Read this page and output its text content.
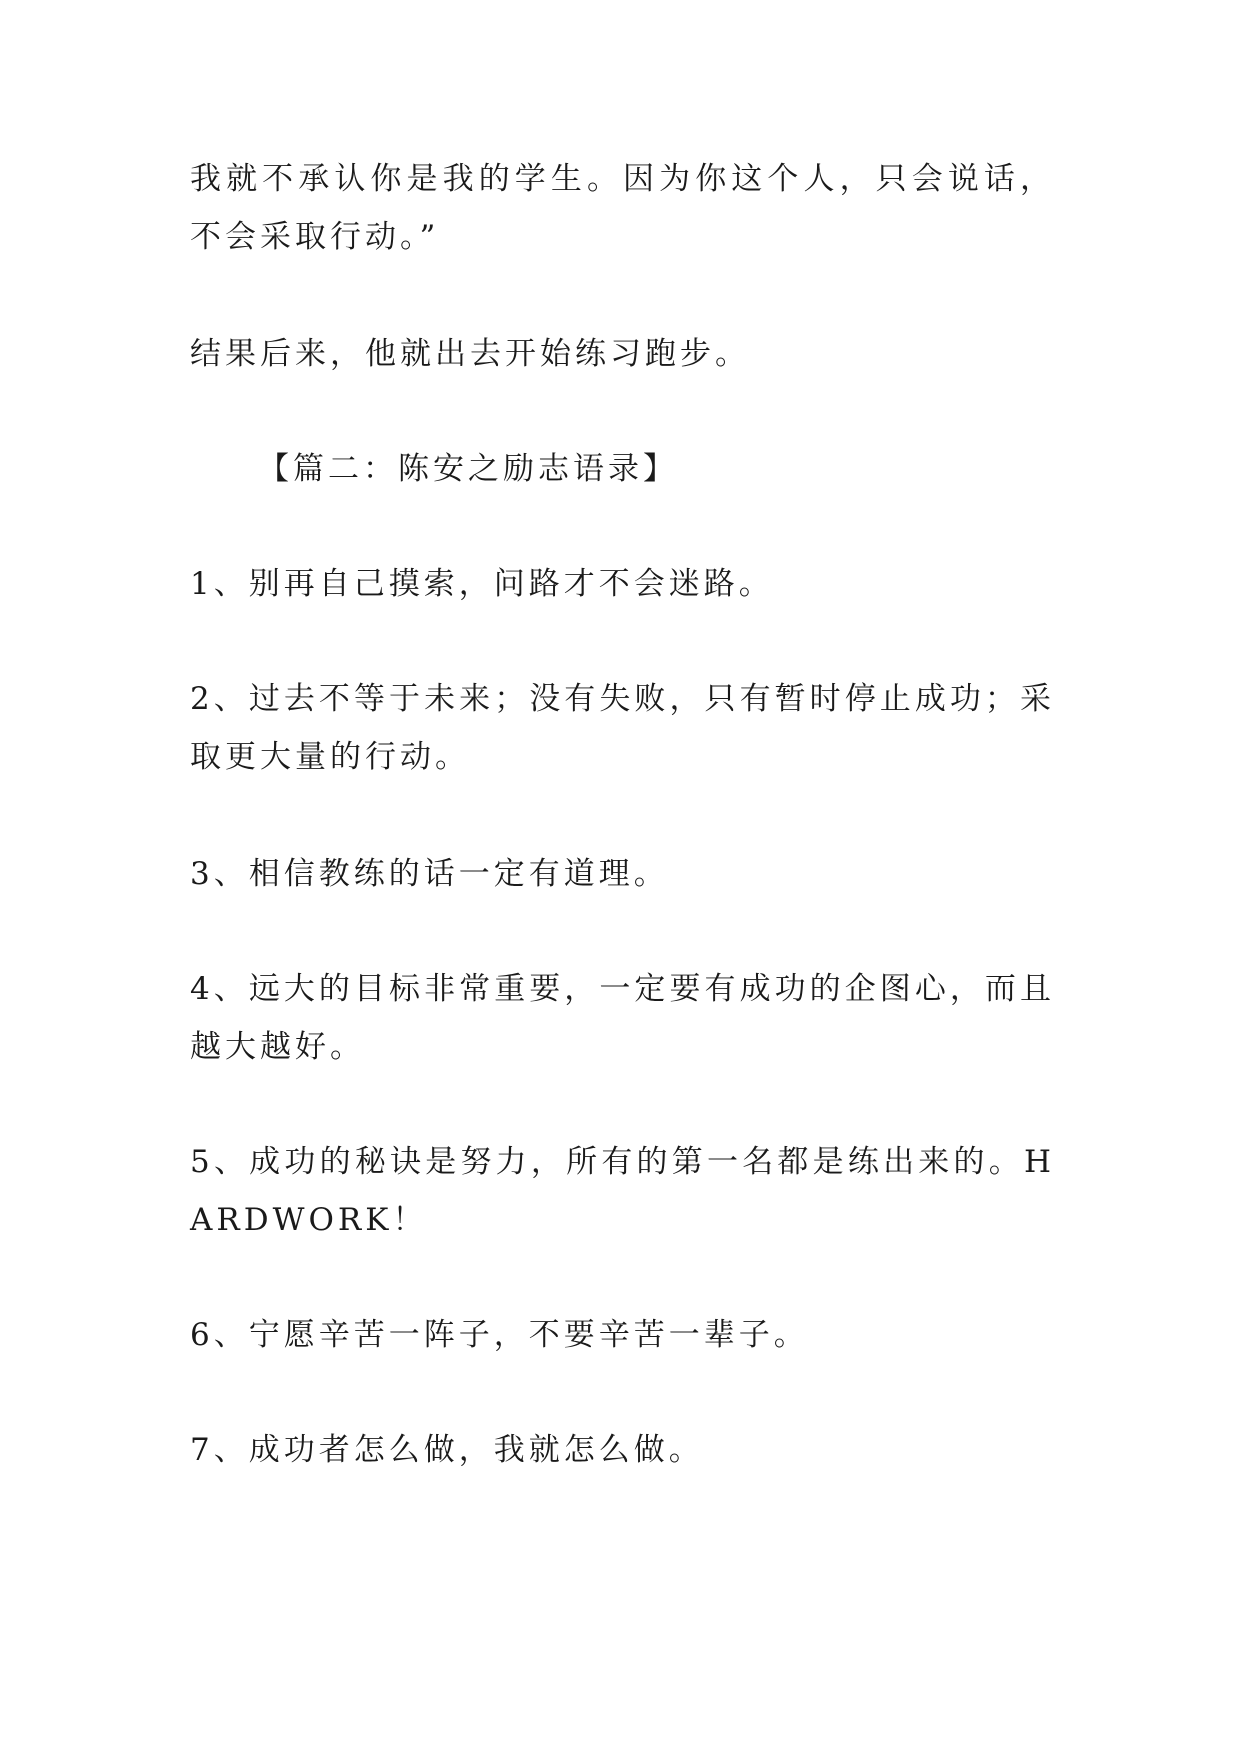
我就不承认你是我的学生。因为你这个人，只会说话，不会采取行动。”

结果后来，他就出去开始练习跑步。

【篇二：陈安之励志语录】

1、别再自己摸索，问路才不会迷路。

2、过去不等于未来；没有失败，只有暂时停止成功；采取更大量的行动。

3、相信教练的话一定有道理。

4、远大的目标非常重要，一定要有成功的企图心，而且越大越好。

5、成功的秘诀是努力，所有的第一名都是练出来的。HARDWORK！

6、宁愿辛苦一阵子，不要辛苦一辈子。

7、成功者怎么做，我就怎么做。
